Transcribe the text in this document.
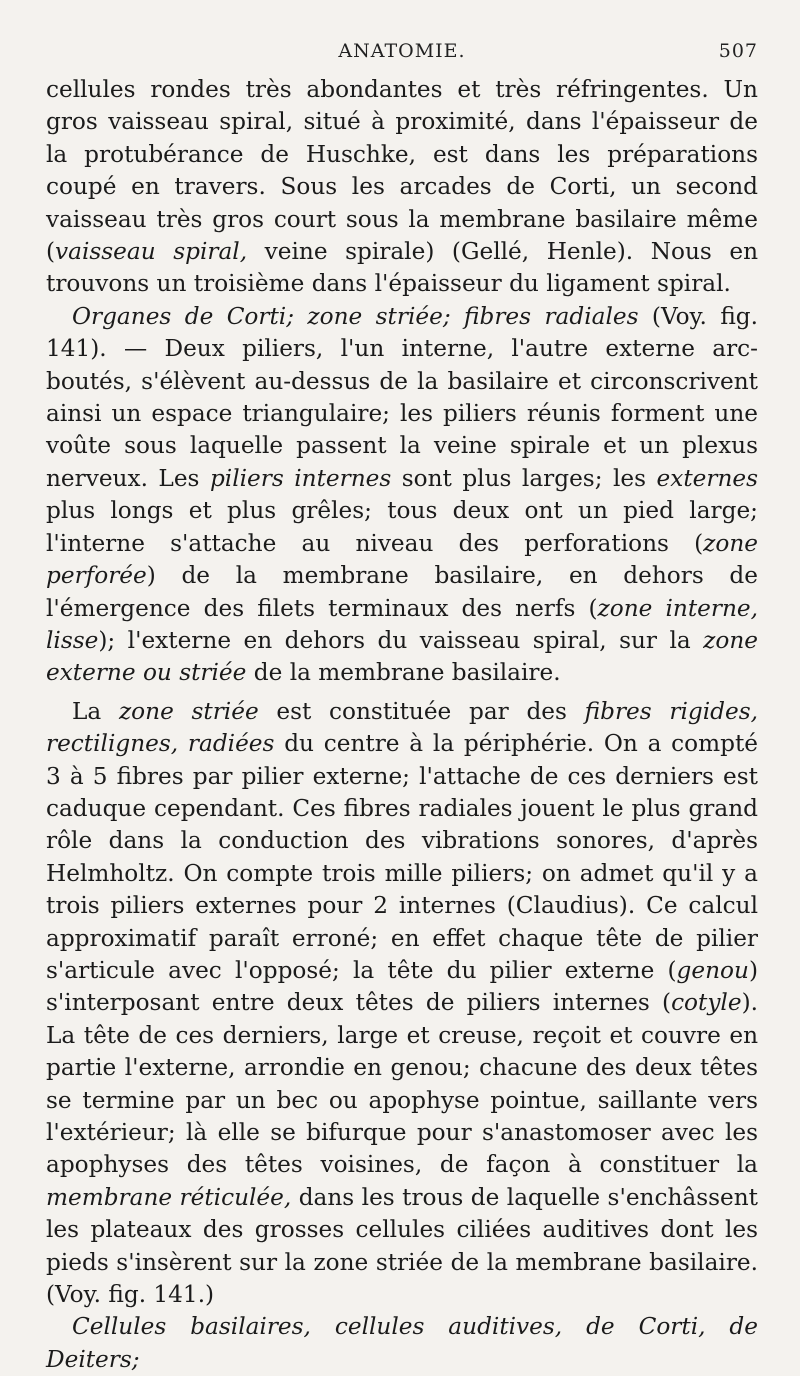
ANATOMIE.	507

cellules rondes très abondantes et très réfringentes. Un gros vaisseau spiral, situé à proximité, dans l'épaisseur de la protubérance de Huschke, est dans les préparations coupé en travers. Sous les arcades de Corti, un second vaisseau très gros court sous la membrane basilaire même (vaisseau spiral, veine spirale) (Gellé, Henle). Nous en trouvons un troisième dans l'épaisseur du ligament spiral.

Organes de Corti; zone striée; fibres radiales (Voy. fig. 141). — Deux piliers, l'un interne, l'autre externe arc-boutés, s'élèvent au-dessus de la basilaire et circonscrivent ainsi un espace triangulaire; les piliers réunis forment une voûte sous laquelle passent la veine spirale et un plexus nerveux. Les piliers internes sont plus larges; les externes plus longs et plus grêles; tous deux ont un pied large; l'interne s'attache au niveau des perforations (zone perforée) de la membrane basilaire, en dehors de l'émergence des filets terminaux des nerfs (zone interne, lisse); l'externe en dehors du vaisseau spiral, sur la zone externe ou striée de la membrane basilaire.

La zone striée est constituée par des fibres rigides, rectilignes, radiées du centre à la périphérie. On a compté 3 à 5 fibres par pilier externe; l'attache de ces derniers est caduque cependant. Ces fibres radiales jouent le plus grand rôle dans la conduction des vibrations sonores, d'après Helmholtz. On compte trois mille piliers; on admet qu'il y a trois piliers externes pour 2 internes (Claudius). Ce calcul approximatif paraît erroné; en effet chaque tête de pilier s'articule avec l'opposé; la tête du pilier externe (genou) s'interposant entre deux têtes de piliers internes (cotyle). La tête de ces derniers, large et creuse, reçoit et couvre en partie l'externe, arrondie en genou; chacune des deux têtes se termine par un bec ou apophyse pointue, saillante vers l'extérieur; là elle se bifurque pour s'anastomoser avec les apophyses des têtes voisines, de façon à constituer la membrane réticulée, dans les trous de laquelle s'enchâssent les plateaux des grosses cellules ciliées auditives dont les pieds s'insèrent sur la zone striée de la membrane basilaire. (Voy. fig. 141.)

Cellules basilaires, cellules auditives, de Corti, de Deiters;
